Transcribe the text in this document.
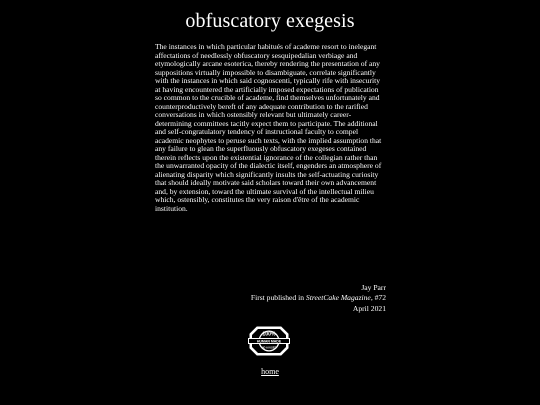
obfuscatory exegesis
The instances in which particular habitués of academe resort to inelegant affectations of needlessly obfuscatory sesquipedalian verbiage and etymologically arcane esoterica, thereby rendering the presentation of any suppositions virtually impossible to disambiguate, correlate significantly with the instances in which said cognoscenti, typically rife with insecurity at having encountered the artificially imposed expectations of publication so common to the crucible of academe, find themselves unfortunately and counterproductively bereft of any adequate contribution to the rarified conversations in which ostensibly relevant but ultimately career-determining committees tacitly expect them to participate. The additional and self-congratulatory tendency of instructional faculty to compel academic neophytes to peruse such texts, with the implied assumption that any failure to glean the superfluously obfuscatory exegeses contained therein reflects upon the existential ignorance of the collegian rather than the unwarranted opacity of the dialectic itself, engenders an atmosphere of alienating disparity which significantly insults the self-actuating curiosity that should ideally motivate said scholars toward their own advancement and, by extension, toward the ultimate survival of the intellectual milieu which, ostensibly, constitutes the very raison d'être of the academic institution.
Jay Parr
First published in StreetCake Magazine, #72
April 2021
100%
HUMAN MADE
NO AI USED
home
